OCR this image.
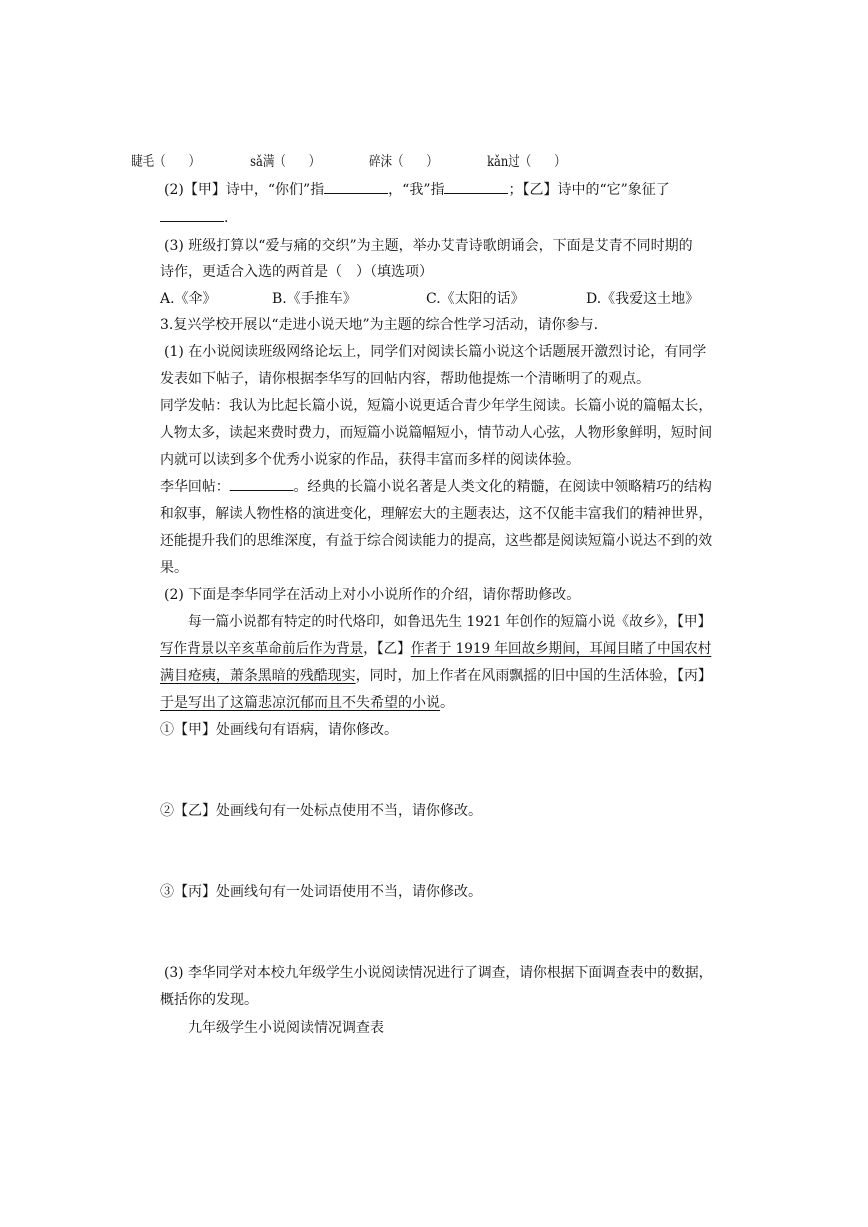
睫毛（　　）	sǎ满（　　）	碎沫（　　）	kǎn过（　　）
(2)【甲】诗中，“你们”指	，“我”指	；【乙】诗中的“它”象征了
.
(3) 班级打算以“爱与痛的交织”为主题，举办艾青诗歌朗诵会，下面是艾青不同时期的
诗作，更适合入选的两首是（　）（填选项）
A.《伞》	B.《手推车》	C.《太阳的话》	D.《我爱这土地》
3.复兴学校开展以“走进小说天地”为主题的综合性学习活动，请你参与.
(1) 在小说阅读班级网络论坛上，同学们对阅读长篇小说这个话题展开激烈讨论，有同学
发表如下帖子，请你根据李华写的回帖内容，帮助他提炼一个清晰明了的观点。
同学发帖：我认为比起长篇小说，短篇小说更适合青少年学生阅读。长篇小说的篇幅太长，
人物太多，读起来费时费力，而短篇小说篇幅短小，情节动人心弦，人物形象鲜明，短时间
内就可以读到多个优秀小说家的作品，获得丰富而多样的阅读体验。
李华回帖：	。经典的长篇小说名著是人类文化的精髓，在阅读中领略精巧的结构
和叙事，解读人物性格的演进变化，理解宏大的主题表达，这不仅能丰富我们的精神世界，
还能提升我们的思维深度，有益于综合阅读能力的提高，这些都是阅读短篇小说达不到的效
果。
(2) 下面是李华同学在活动上对小小说所作的介绍，请你帮助修改。
每一篇小说都有特定的时代烙印，如鲁迅先生 1921 年创作的短篇小说《故乡》，【甲】
写作背景以辛亥革命前后作为背景，【乙】作者于 1919 年回故乡期间，耳闻目睹了中国农村
满目疮痍，萧条黑暗的残酷现实，同时，加上作者在风雨飘摇的旧中国的生活体验，【丙】
于是写出了这篇悲凉沉郁而且不失希望的小说。
①【甲】处画线句有语病，请你修改。
②【乙】处画线句有一处标点使用不当，请你修改。
③【丙】处画线句有一处词语使用不当，请你修改。
(3) 李华同学对本校九年级学生小说阅读情况进行了调查，请你根据下面调查表中的数据，
概括你的发现。
九年级学生小说阅读情况调查表
